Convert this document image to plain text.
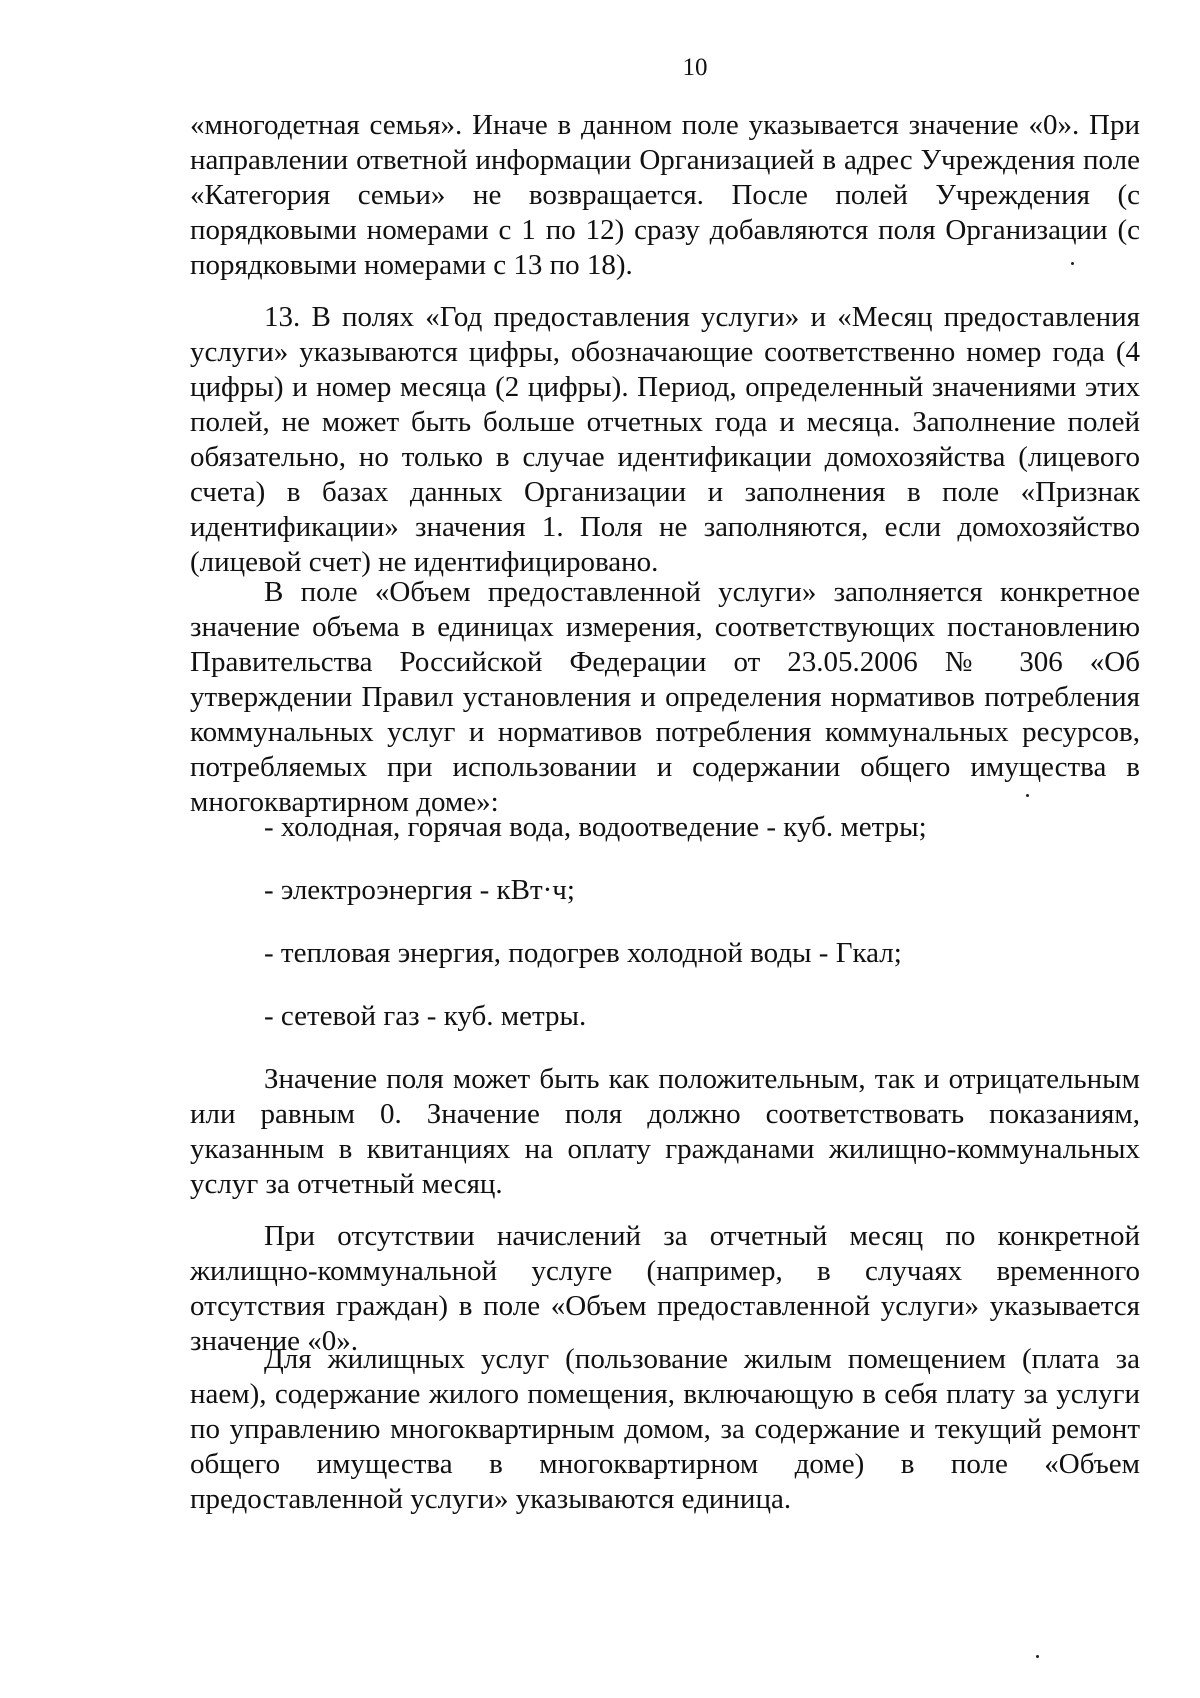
10
«многодетная семья». Иначе в данном поле указывается значение «0». При направлении ответной информации Организацией в адрес Учреждения поле «Категория семьи» не возвращается. После полей Учреждения (с порядковыми номерами с 1 по 12) сразу добавляются поля Организации (с порядковыми номерами с 13 по 18).
13. В полях «Год предоставления услуги» и «Месяц предоставления услуги» указываются цифры, обозначающие соответственно номер года (4 цифры) и номер месяца (2 цифры). Период, определенный значениями этих полей, не может быть больше отчетных года и месяца. Заполнение полей обязательно, но только в случае идентификации домохозяйства (лицевого счета) в базах данных Организации и заполнения в поле «Признак идентификации» значения 1. Поля не заполняются, если домохозяйство (лицевой счет) не идентифицировано.
В поле «Объем предоставленной услуги» заполняется конкретное значение объема в единицах измерения, соответствующих постановлению Правительства Российской Федерации от 23.05.2006 № 306 «Об утверждении Правил установления и определения нормативов потребления коммунальных услуг и нормативов потребления коммунальных ресурсов, потребляемых при использовании и содержании общего имущества в многоквартирном доме»:
- холодная, горячая вода, водоотведение - куб. метры;
- электроэнергия - кВт·ч;
- тепловая энергия, подогрев холодной воды - Гкал;
- сетевой газ - куб. метры.
Значение поля может быть как положительным, так и отрицательным или равным 0. Значение поля должно соответствовать показаниям, указанным в квитанциях на оплату гражданами жилищно-коммунальных услуг за отчетный месяц.
При отсутствии начислений за отчетный месяц по конкретной жилищно-коммунальной услуге (например, в случаях временного отсутствия граждан) в поле «Объем предоставленной услуги» указывается значение «0».
Для жилищных услуг (пользование жилым помещением (плата за наем), содержание жилого помещения, включающую в себя плату за услуги по управлению многоквартирным домом, за содержание и текущий ремонт общего имущества в многоквартирном доме) в поле «Объем предоставленной услуги» указываются единица.
